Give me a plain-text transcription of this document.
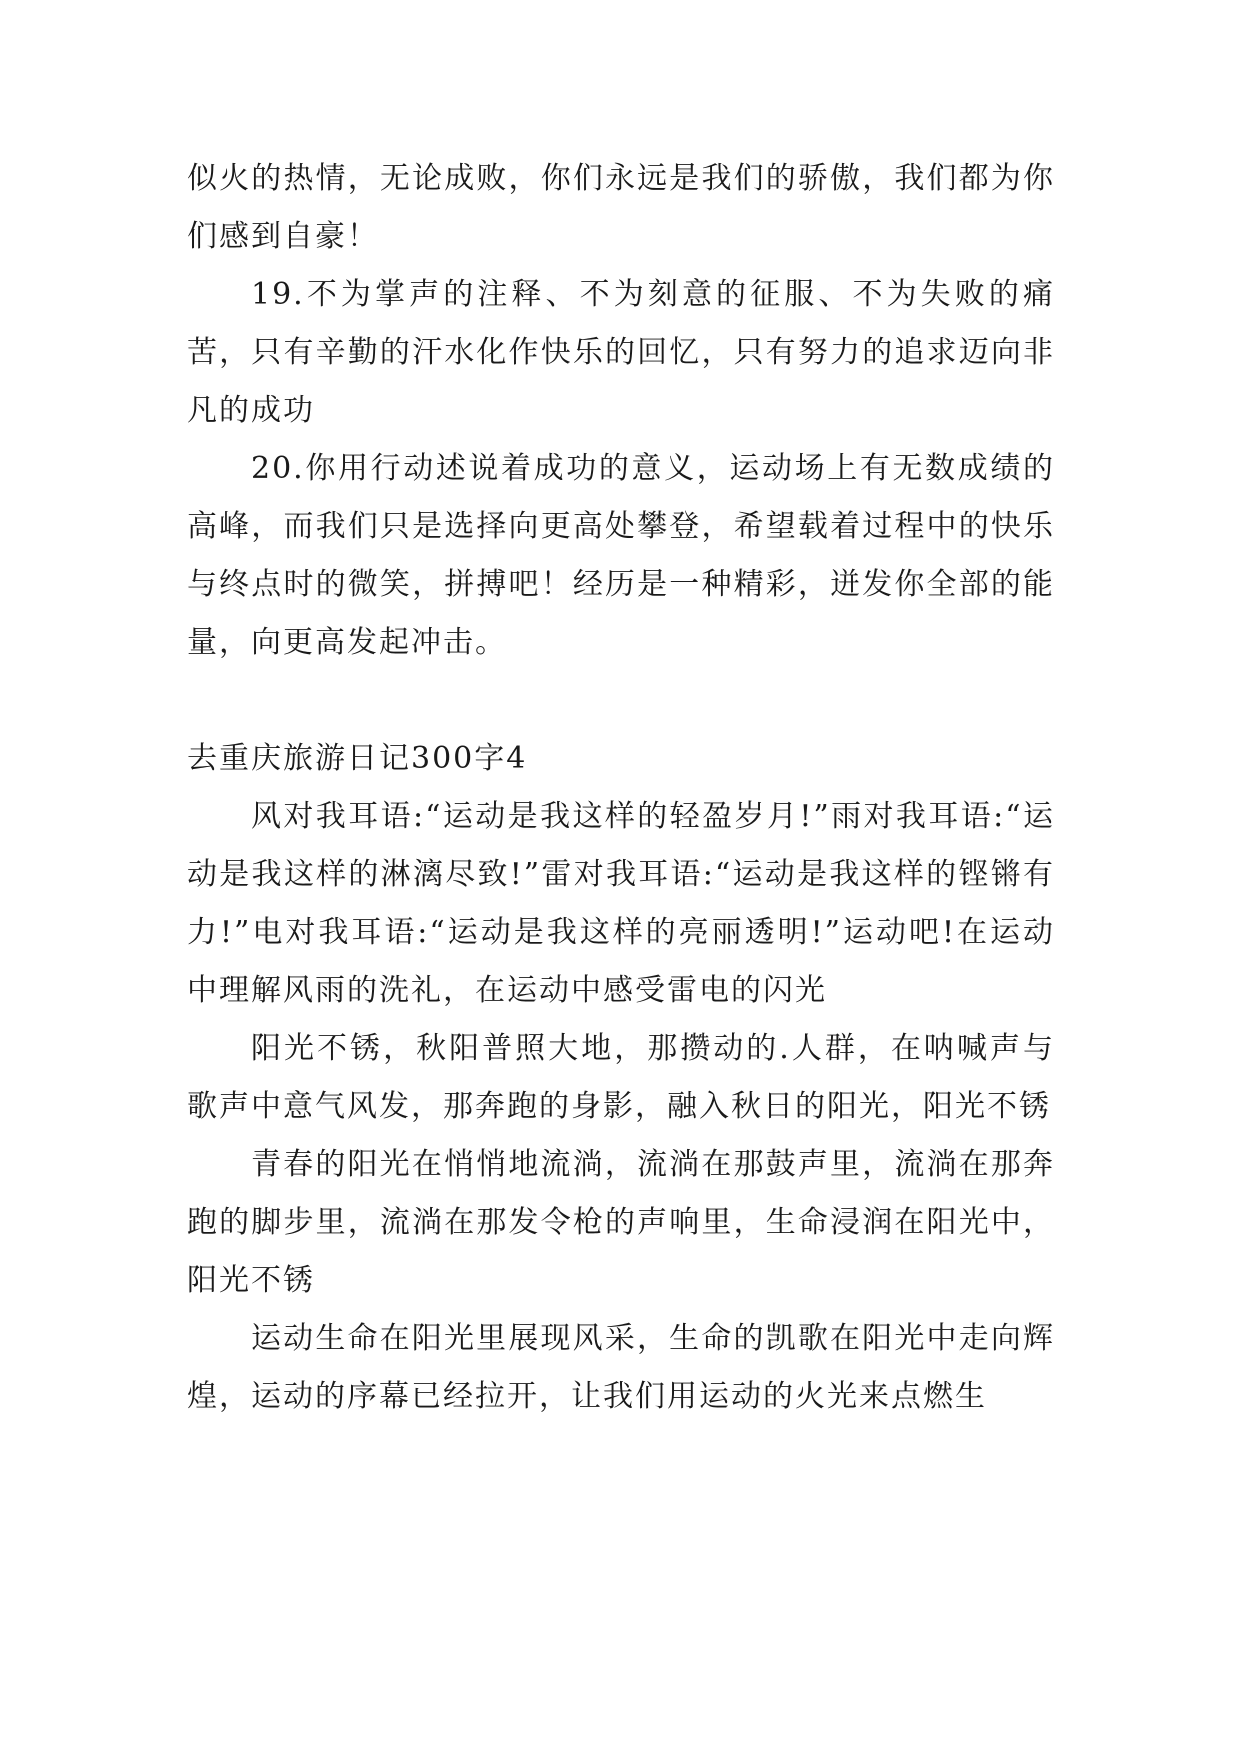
似火的热情，无论成败，你们永远是我们的骄傲，我们都为你们感到自豪！

19.不为掌声的注释、不为刻意的征服、不为失败的痛苦，只有辛勤的汗水化作快乐的回忆，只有努力的追求迈向非凡的成功

20.你用行动述说着成功的意义，运动场上有无数成绩的高峰，而我们只是选择向更高处攀登，希望载着过程中的快乐与终点时的微笑，拼搏吧！经历是一种精彩，迸发你全部的能量，向更高发起冲击。

去重庆旅游日记300字4

风对我耳语:“运动是我这样的轻盈岁月!”雨对我耳语:“运动是我这样的淋漓尽致!”雷对我耳语:“运动是我这样的铿锵有力!”电对我耳语:“运动是我这样的亮丽透明!”运动吧!在运动中理解风雨的洗礼，在运动中感受雷电的闪光

阳光不锈，秋阳普照大地，那攒动的.人群，在呐喊声与歌声中意气风发，那奔跑的身影，融入秋日的阳光，阳光不锈

青春的阳光在悄悄地流淌，流淌在那鼓声里，流淌在那奔跑的脚步里，流淌在那发令枪的声响里，生命浸润在阳光中，阳光不锈

运动生命在阳光里展现风采，生命的凯歌在阳光中走向辉煌，运动的序幕已经拉开，让我们用运动的火光来点燃生
